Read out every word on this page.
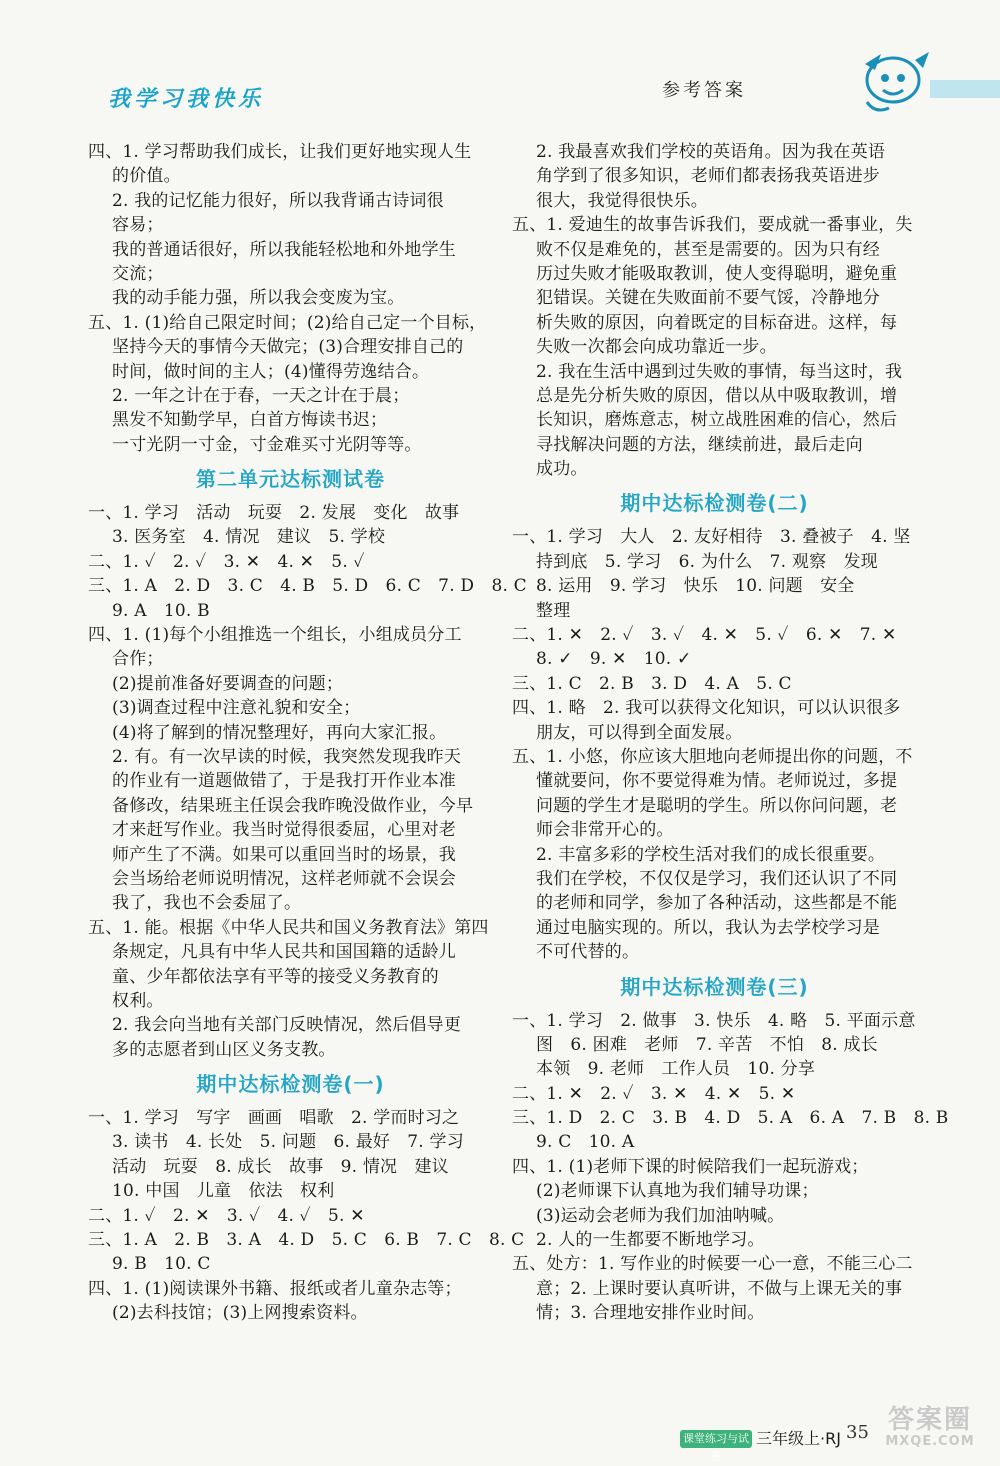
我学习我快乐	参考答案
四、1. 学习帮助我们成长，让我们更好地实现人生
的价值。
2. 我的记忆能力很好，所以我背诵古诗词很
容易；
我的普通话很好，所以我能轻松地和外地学生
交流；
我的动手能力强，所以我会变废为宝。
五、1. (1)给自己限定时间；(2)给自己定一个目标，
坚持今天的事情今天做完；(3)合理安排自己的
时间，做时间的主人；(4)懂得劳逸结合。
2. 一年之计在于春，一天之计在于晨；
黑发不知勤学早，白首方悔读书迟；
一寸光阴一寸金，寸金难买寸光阴等等。
第二单元达标测试卷
一、1. 学习　活动　玩耍　2. 发展　变化　故事
3. 医务室　4. 情况　建议　5. 学校
二、1. ✓　2. ✓　3. ✕　4. ✕　5. ✓
三、1. A　2. D　3. C　4. B　5. D　6. C　7. D　8. C
9. A　10. B
四、1. (1)每个小组推选一个组长，小组成员分工
合作；
(2)提前准备好要调查的问题；
(3)调查过程中注意礼貌和安全；
(4)将了解到的情况整理好，再向大家汇报。
2. 有。有一次早读的时候，我突然发现我昨天
的作业有一道题做错了，于是我打开作业本准
备修改，结果班主任误会我昨晚没做作业，今早
才来赶写作业。我当时觉得很委屈，心里对老
师产生了不满。如果可以重回当时的场景，我
会当场给老师说明情况，这样老师就不会误会
我了，我也不会委屈了。
五、1. 能。根据《中华人民共和国义务教育法》第四
条规定，凡具有中华人民共和国国籍的适龄儿
童、少年都依法享有平等的接受义务教育的
权利。
2. 我会向当地有关部门反映情况，然后倡导更
多的志愿者到山区义务支教。
期中达标检测卷(一)
一、1. 学习　写字　画画　唱歌　2. 学而时习之
3. 读书　4. 长处　5. 问题　6. 最好　7. 学习
活动　玩耍　8. 成长　故事　9. 情况　建议
10. 中国　儿童　依法　权利
二、1. ✓　2. ✕　3. ✓　4. ✓　5. ✕
三、1. A　2. B　3. A　4. D　5. C　6. B　7. C　8. C
9. B　10. C
四、1. (1)阅读课外书籍、报纸或者儿童杂志等；
(2)去科技馆；(3)上网搜索资料。
2. 我最喜欢我们学校的英语角。因为我在英语
角学到了很多知识，老师们都表扬我英语进步
很大，我觉得很快乐。
五、1. 爱迪生的故事告诉我们，要成就一番事业，失
败不仅是难免的，甚至是需要的。因为只有经
历过失败才能吸取教训，使人变得聪明，避免重
犯错误。关键在失败面前不要气馁，冷静地分
析失败的原因，向着既定的目标奋进。这样，每
失败一次都会向成功靠近一步。
2. 我在生活中遇到过失败的事情，每当这时，我
总是先分析失败的原因，借以从中吸取教训，增
长知识，磨炼意志，树立战胜困难的信心，然后
寻找解决问题的方法，继续前进，最后走向
成功。
期中达标检测卷(二)
一、1. 学习　大人　2. 友好相待　3. 叠被子　4. 坚
持到底　5. 学习　6. 为什么　7. 观察　发现
8. 运用　9. 学习　快乐　10. 问题　安全
整理
二、1. ✕　2. ✓　3. ✓　4. ✕　5. ✓　6. ✕　7. ✕
8. ✓　9. ✕　10. ✓
三、1. C　2. B　3. D　4. A　5. C
四、1. 略　2. 我可以获得文化知识，可以认识很多
朋友，可以得到全面发展。
五、1. 小悠，你应该大胆地向老师提出你的问题，不
懂就要问，你不要觉得难为情。老师说过，多提
问题的学生才是聪明的学生。所以你问问题，老
师会非常开心的。
2. 丰富多彩的学校生活对我们的成长很重要。
我们在学校，不仅仅是学习，我们还认识了不同
的老师和同学，参加了各种活动，这些都是不能
通过电脑实现的。所以，我认为去学校学习是
不可代替的。
期中达标检测卷(三)
一、1. 学习　2. 做事　3. 快乐　4. 略　5. 平面示意
图　6. 困难　老师　7. 辛苦　不怕　8. 成长
本领　9. 老师　工作人员　10. 分享
二、1. ✕　2. ✓　3. ✕　4. ✕　5. ✕
三、1. D　2. C　3. B　4. D　5. A　6. A　7. B　8. B
9. C　10. A
四、1. (1)老师下课的时候陪我们一起玩游戏；
(2)老师课下认真地为我们辅导功课；
(3)运动会老师为我们加油呐喊。
2. 人的一生都要不断地学习。
五、处方：1. 写作业的时候要一心一意，不能三心二
意；2. 上课时要认真听讲，不做与上课无关的事
情；3. 合理地安排作业时间。
课堂练习与试卷
三年级上·RJ 35 答案圈
MXQE.COM
